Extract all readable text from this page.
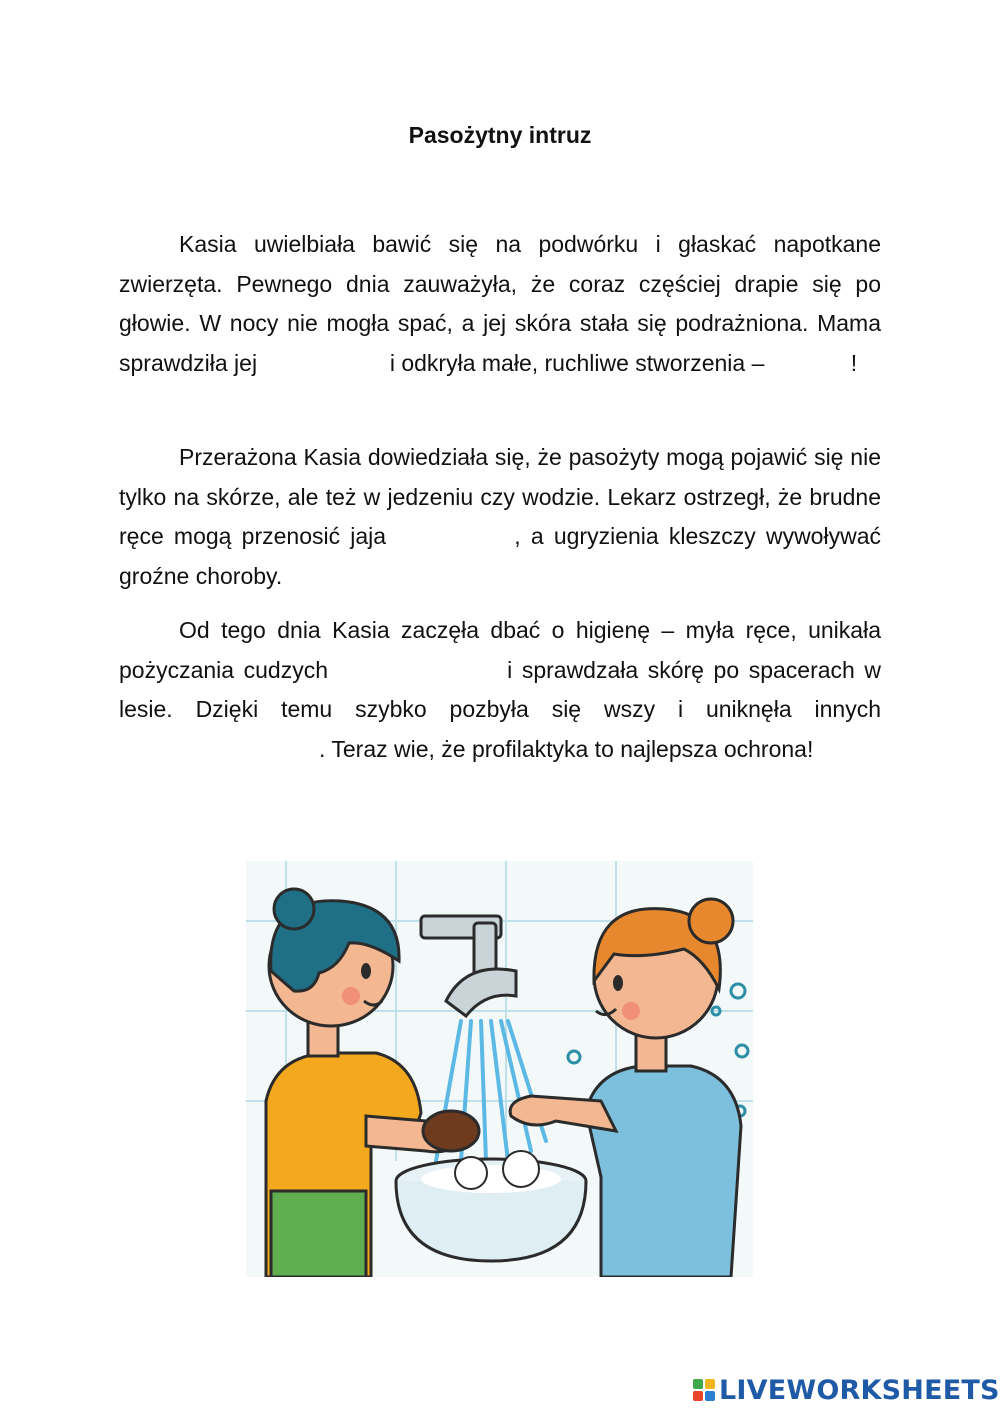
Pasożytny intruz

Kasia uwielbiała bawić się na podwórku i głaskać napotkane zwierzęta. Pewnego dnia zauważyła, że coraz częściej drapie się po głowie. W nocy nie mogła spać, a jej skóra stała się podrażniona. Mama sprawdziła jej	i odkryła małe, ruchliwe stworzenia –	!

Przerażona Kasia dowiedziała się, że pasożyty mogą pojawić się nie tylko na skórze, ale też w jedzeniu czy wodzie. Lekarz ostrzegł, że brudne ręce mogą przenosić jaja	, a ugryzienia kleszczy wywoływać groźne choroby.

Od tego dnia Kasia zaczęła dbać o higienę – myła ręce, unikała pożyczania cudzych	i sprawdzała skórę po spacerach w lesie. Dzięki temu szybko pozbyła się wszy i uniknęła innych . Teraz wie, że profilaktyka to najlepsza ochrona!

LIVEWORKSHEETS
